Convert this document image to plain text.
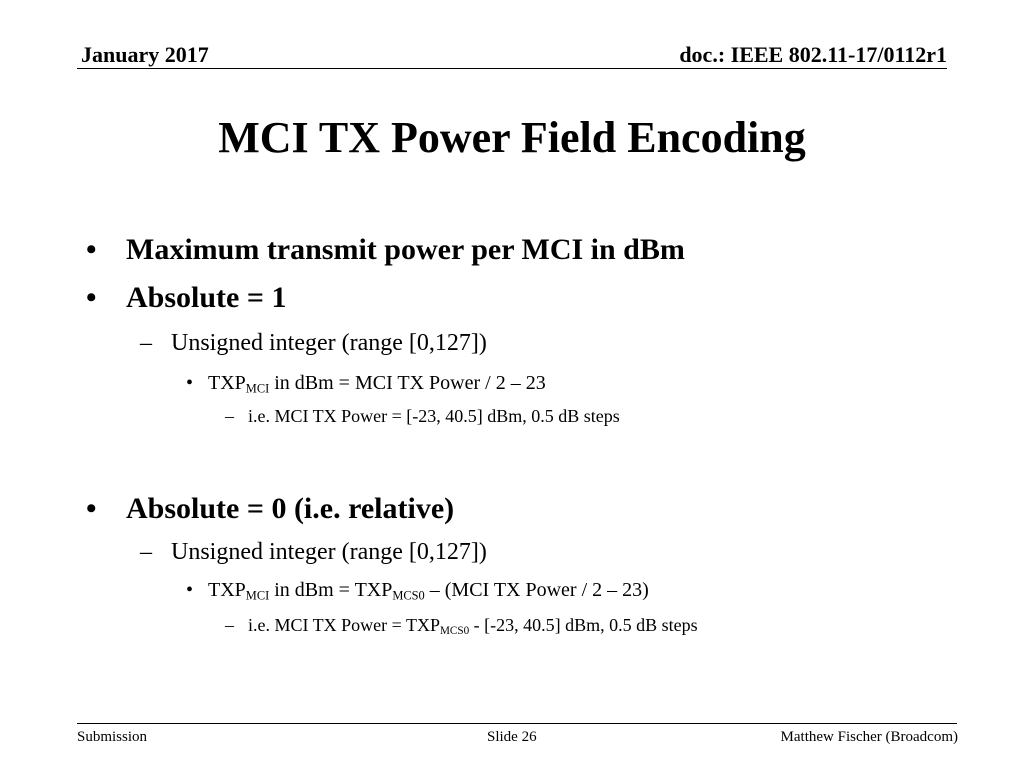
January 2017	doc.: IEEE 802.11-17/0112r1
MCI TX Power Field Encoding
• Maximum transmit power per MCI in dBm
• Absolute = 1
– Unsigned integer (range [0,127])
• $TXP_{MCI}$ in dBm = MCI TX Power / 2 – 23
– i.e. MCI TX Power = [-23, 40.5] dBm, 0.5 dB steps
• Absolute = 0 (i.e. relative)
– Unsigned integer (range [0,127])
• $TXP_{MCI}$ in dBm = $TXP_{MCS0} - (MCI$ TX Power / 2 – 23)
– i.e. MCI TX Power = $TXP_{MCS0} - [-23$, 40.5] dBm, 0.5 dB steps
Submission	Slide 26	Matthew Fischer (Broadcom)
